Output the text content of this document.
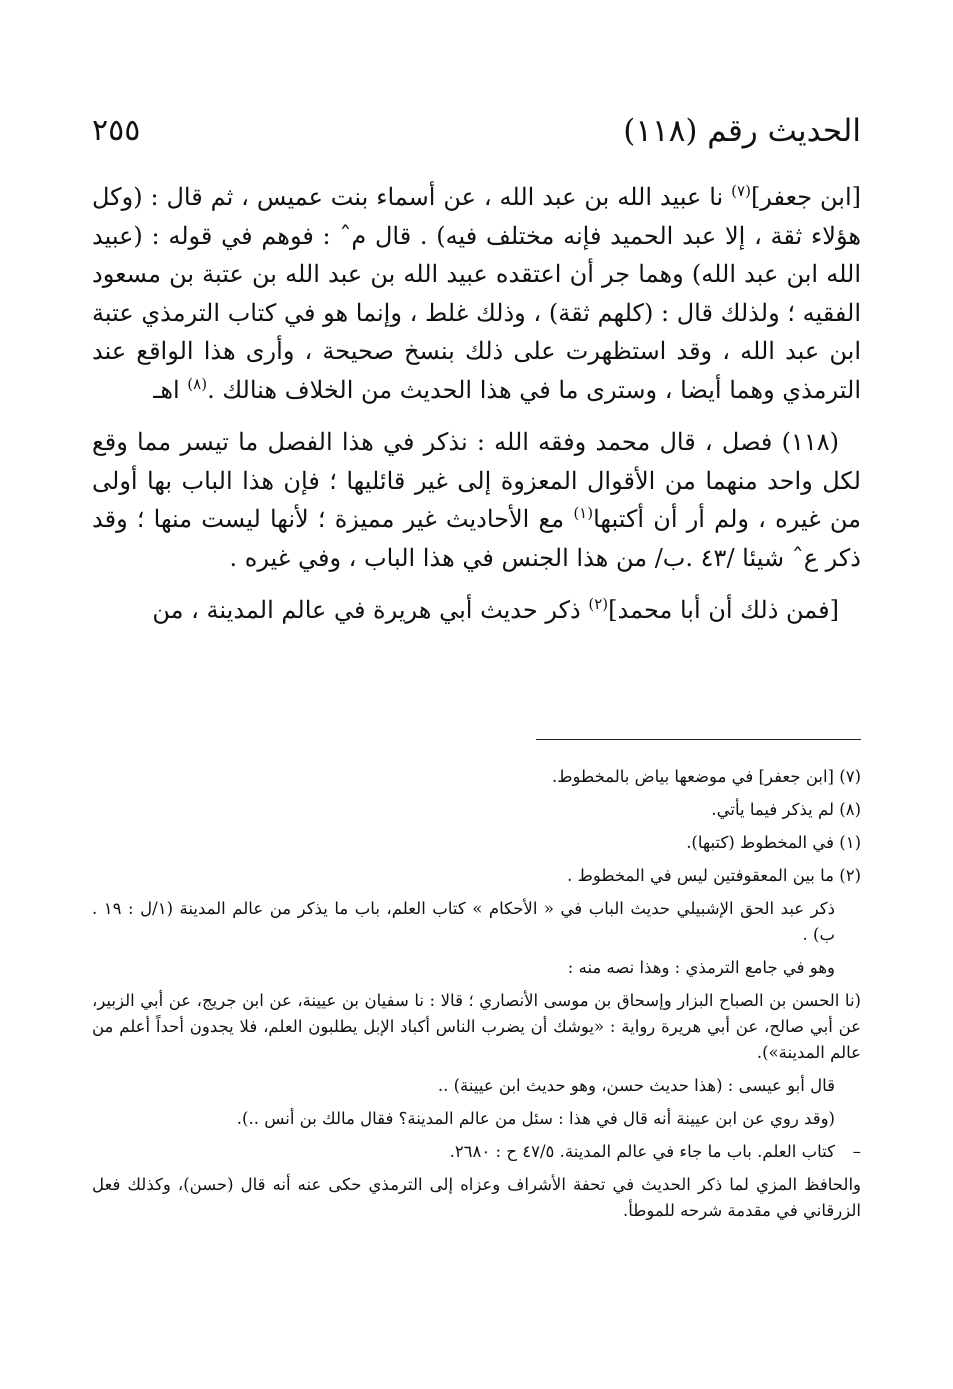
الحديث رقم (١١٨)
٢٥٥

[ابن جعفر]$^{(٧)}$ نا عبيد الله بن عبد الله ، عن أسماء بنت عميس ، ثم قال : (وكل هؤلاء ثقة ، إلا عبد الحميد فإنه مختلف فيه) . قال مˆ : فوهم في قوله : (عبيد الله ابن عبد الله) وهما جر أن اعتقده عبيد الله بن عبد الله بن عتبة بن مسعود الفقيه ؛ ولذلك قال : (كلهم ثقة) ، وذلك غلط ، وإنما هو في كتاب الترمذي عتبة ابن عبد الله ، وقد استظهرت على ذلك بنسخ صحيحة ، وأرى هذا الواقع عند الترمذي وهما أيضا ، وسترى ما في هذا الحديث من الخلاف هنالك .$^{(٨)}$ اهـ

(١١٨) فصل ، قال محمد وفقه الله : نذكر في هذا الفصل ما تيسر مما وقع لكل واحد منهما من الأقوال المعزوة إلى غير قائليها ؛ فإن هذا الباب بها أولى من غيره ، ولم أر أن أكتبها$^{(١)}$ مع الأحاديث غير مميزة ؛ لأنها ليست منها ؛ وقد ذكر عˆ شيئا /٤٣ .ب/ من هذا الجنس في هذا الباب ، وفي غيره .

[فمن ذلك أن أبا محمد]$^{(٢)}$ ذكر حديث أبي هريرة في عالم المدينة ، من

(٧) [ابن جعفر] في موضعها بياض بالمخطوط.
(٨) لم يذكر فيما يأتي.
(١) في المخطوط (كتبها).
(٢) ما بين المعقوفتين ليس في المخطوط .
ذكر عبد الحق الإشبيلي حديث الباب في « الأحكام » كتاب العلم، باب ما يذكر من عالم المدينة (١/ل : ١٩ . ب) .
وهو في جامع الترمذي : وهذا نصه منه :
(نا الحسن بن الصباح البزار وإسحاق بن موسى الأنصاري ؛ قالا : نا سفيان بن عيينة، عن ابن جريج، عن أبي الزبير، عن أبي صالح، عن أبي هريرة رواية : «يوشك أن يضرب الناس أكباد الإبل يطلبون العلم، فلا يجدون أحداً أعلم من عالم المدينة»).
قال أبو عيسى : (هذا حديث حسن، وهو حديث ابن عيينة) ..
(وقد روي عن ابن عيينة أنه قال في هذا : سئل من عالم المدينة؟ فقال مالك بن أنس ..).
–
كتاب العلم. باب ما جاء في عالم المدينة. ٤٧/٥ ح : ٢٦٨٠.
والحافظ المزي لما ذكر الحديث في تحفة الأشراف وعزاه إلى الترمذي حكى عنه أنه قال (حسن)، وكذلك فعل الزرقاني في مقدمة شرحه للموطأ.
